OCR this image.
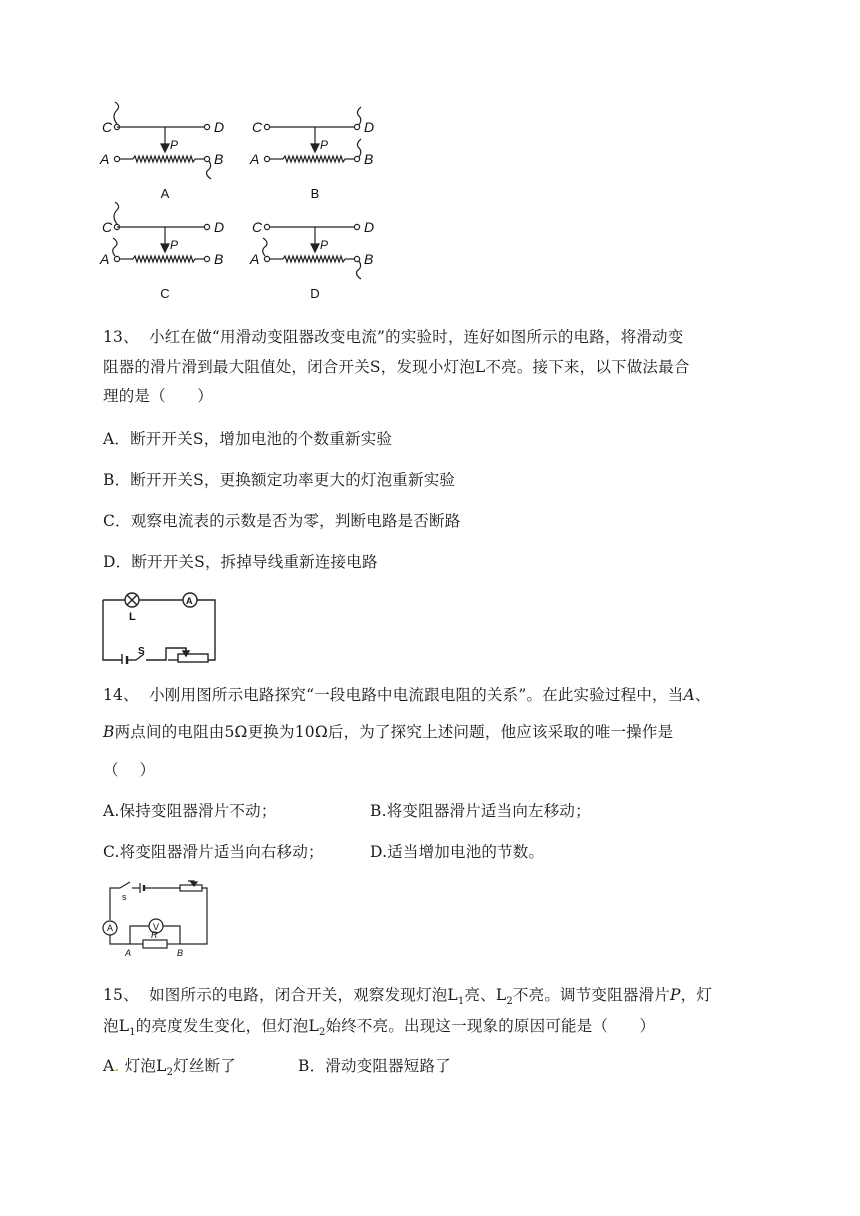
C	D
A	B
P
C	D
A	B
P
C	D
A	B
P
C	D
A	B
P
A	B
C	D
13、 小红在做“用滑动变阻器改变电流”的实验时，连好如图所示的电路，将滑动变
阻器的滑片滑到最大阻值处，闭合开关S，发现小灯泡L不亮。接下来，以下做法最合
理的是（　　）
A．断开开关S，增加电池的个数重新实验
B．断开开关S，更换额定功率更大的灯泡重新实验
C．观察电流表的示数是否为零，判断电路是否断路
D．断开开关S，拆掉导线重新连接电路
L
A
S
14、 小刚用图所示电路探究“一段电路中电流跟电阻的关系”。在此实验过程中，当A、
B两点间的电阻由5Ω更换为10Ω后，为了探究上述问题，他应该采取的唯一操作是
（　 ）
A.保持变阻器滑片不动；	B.将变阻器滑片适当向左移动；
C.将变阻器滑片适当向右移动；	D.适当增加电池的节数。
s
A	V
R
A	B
15、 如图所示的电路，闭合开关，观察发现灯泡$L_1$亮、$L_2$不亮。调节变阻器滑片P，灯
泡$L_1$的亮度发生变化，但灯泡$L_2$始终不亮。出现这一现象的原因可能是（　　）
A. 灯泡$L_2$灯丝断了	B．滑动变阻器短路了
